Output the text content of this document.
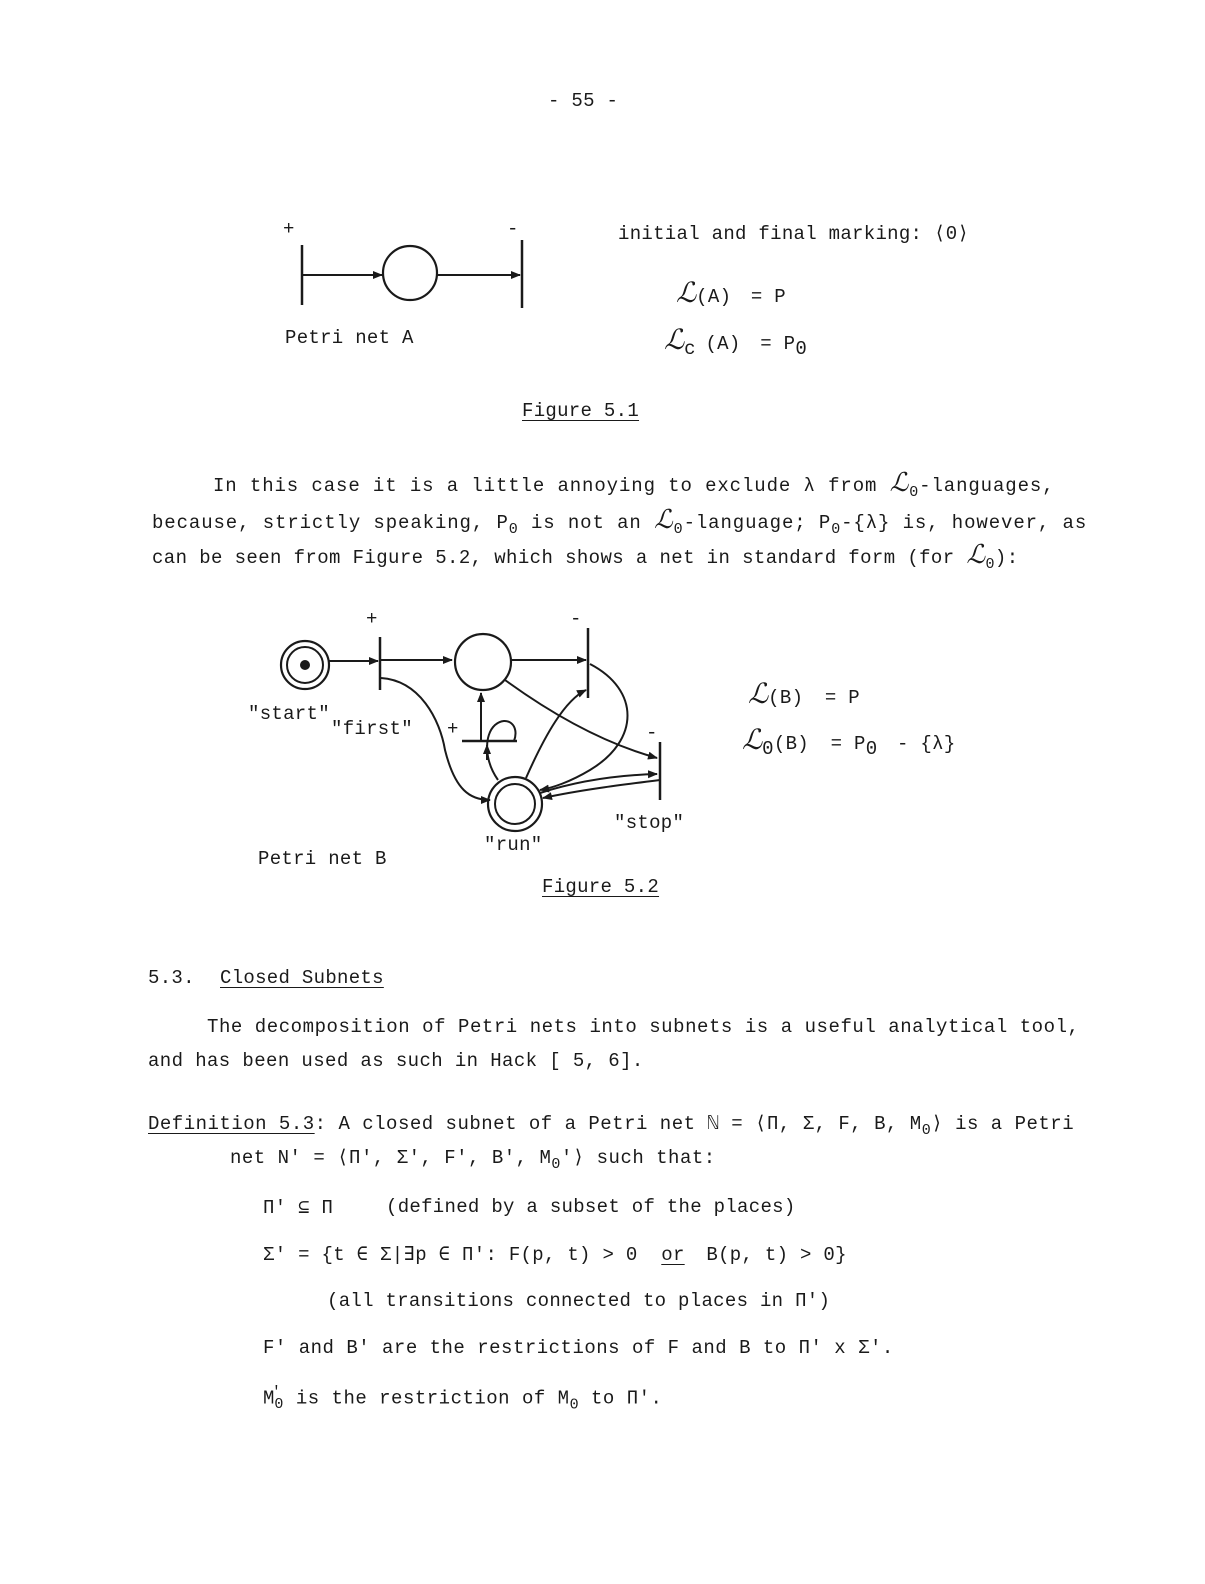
- 55 -
+	-
Petri net A
initial and final marking: ⟨0⟩
ℒ(A) = P
ℒ$_c$ $(A) = P_0$
Figure 5.1
In this case it is a little annoying to exclude λ from ℒ$_0$-languages,
because, strictly speaking, $P_0$ is not an ℒ$_0$-language; $P_0-\{\lambda\}$ is, however, as
can be seen from Figure 5.2, which shows a net in standard form (for ℒ$_0$):
+	-
+	-
"start"
"first"
"run"
"stop"
Petri net B
ℒ(B) = P
ℒ$_0$(B) = $P_0 - \{\lambda\}$
Figure 5.2
5.3. Closed Subnets
The decomposition of Petri nets into subnets is a useful analytical tool,
and has been used as such in Hack [ 5, 6].
Definition 5.3: A closed subnet of a Petri net ℕ = ⟨Π, Σ, F, B, $M_0⟩$ is a Petri
net N' = ⟨Π', Σ', F', B', $M_0'⟩$ such that:
Π' ⊆ Π	(defined by a subset of the places)
Σ' = {t ∈ Σ|∃p ∈ Π': F(p, t) > 0 or B(p, t) > 0}
(all transitions connected to places in Π')
F' and B' are the restrictions of F and B to Π' x Σ'.
$M'_0$ is the restriction of $M_0$ to Π'.
